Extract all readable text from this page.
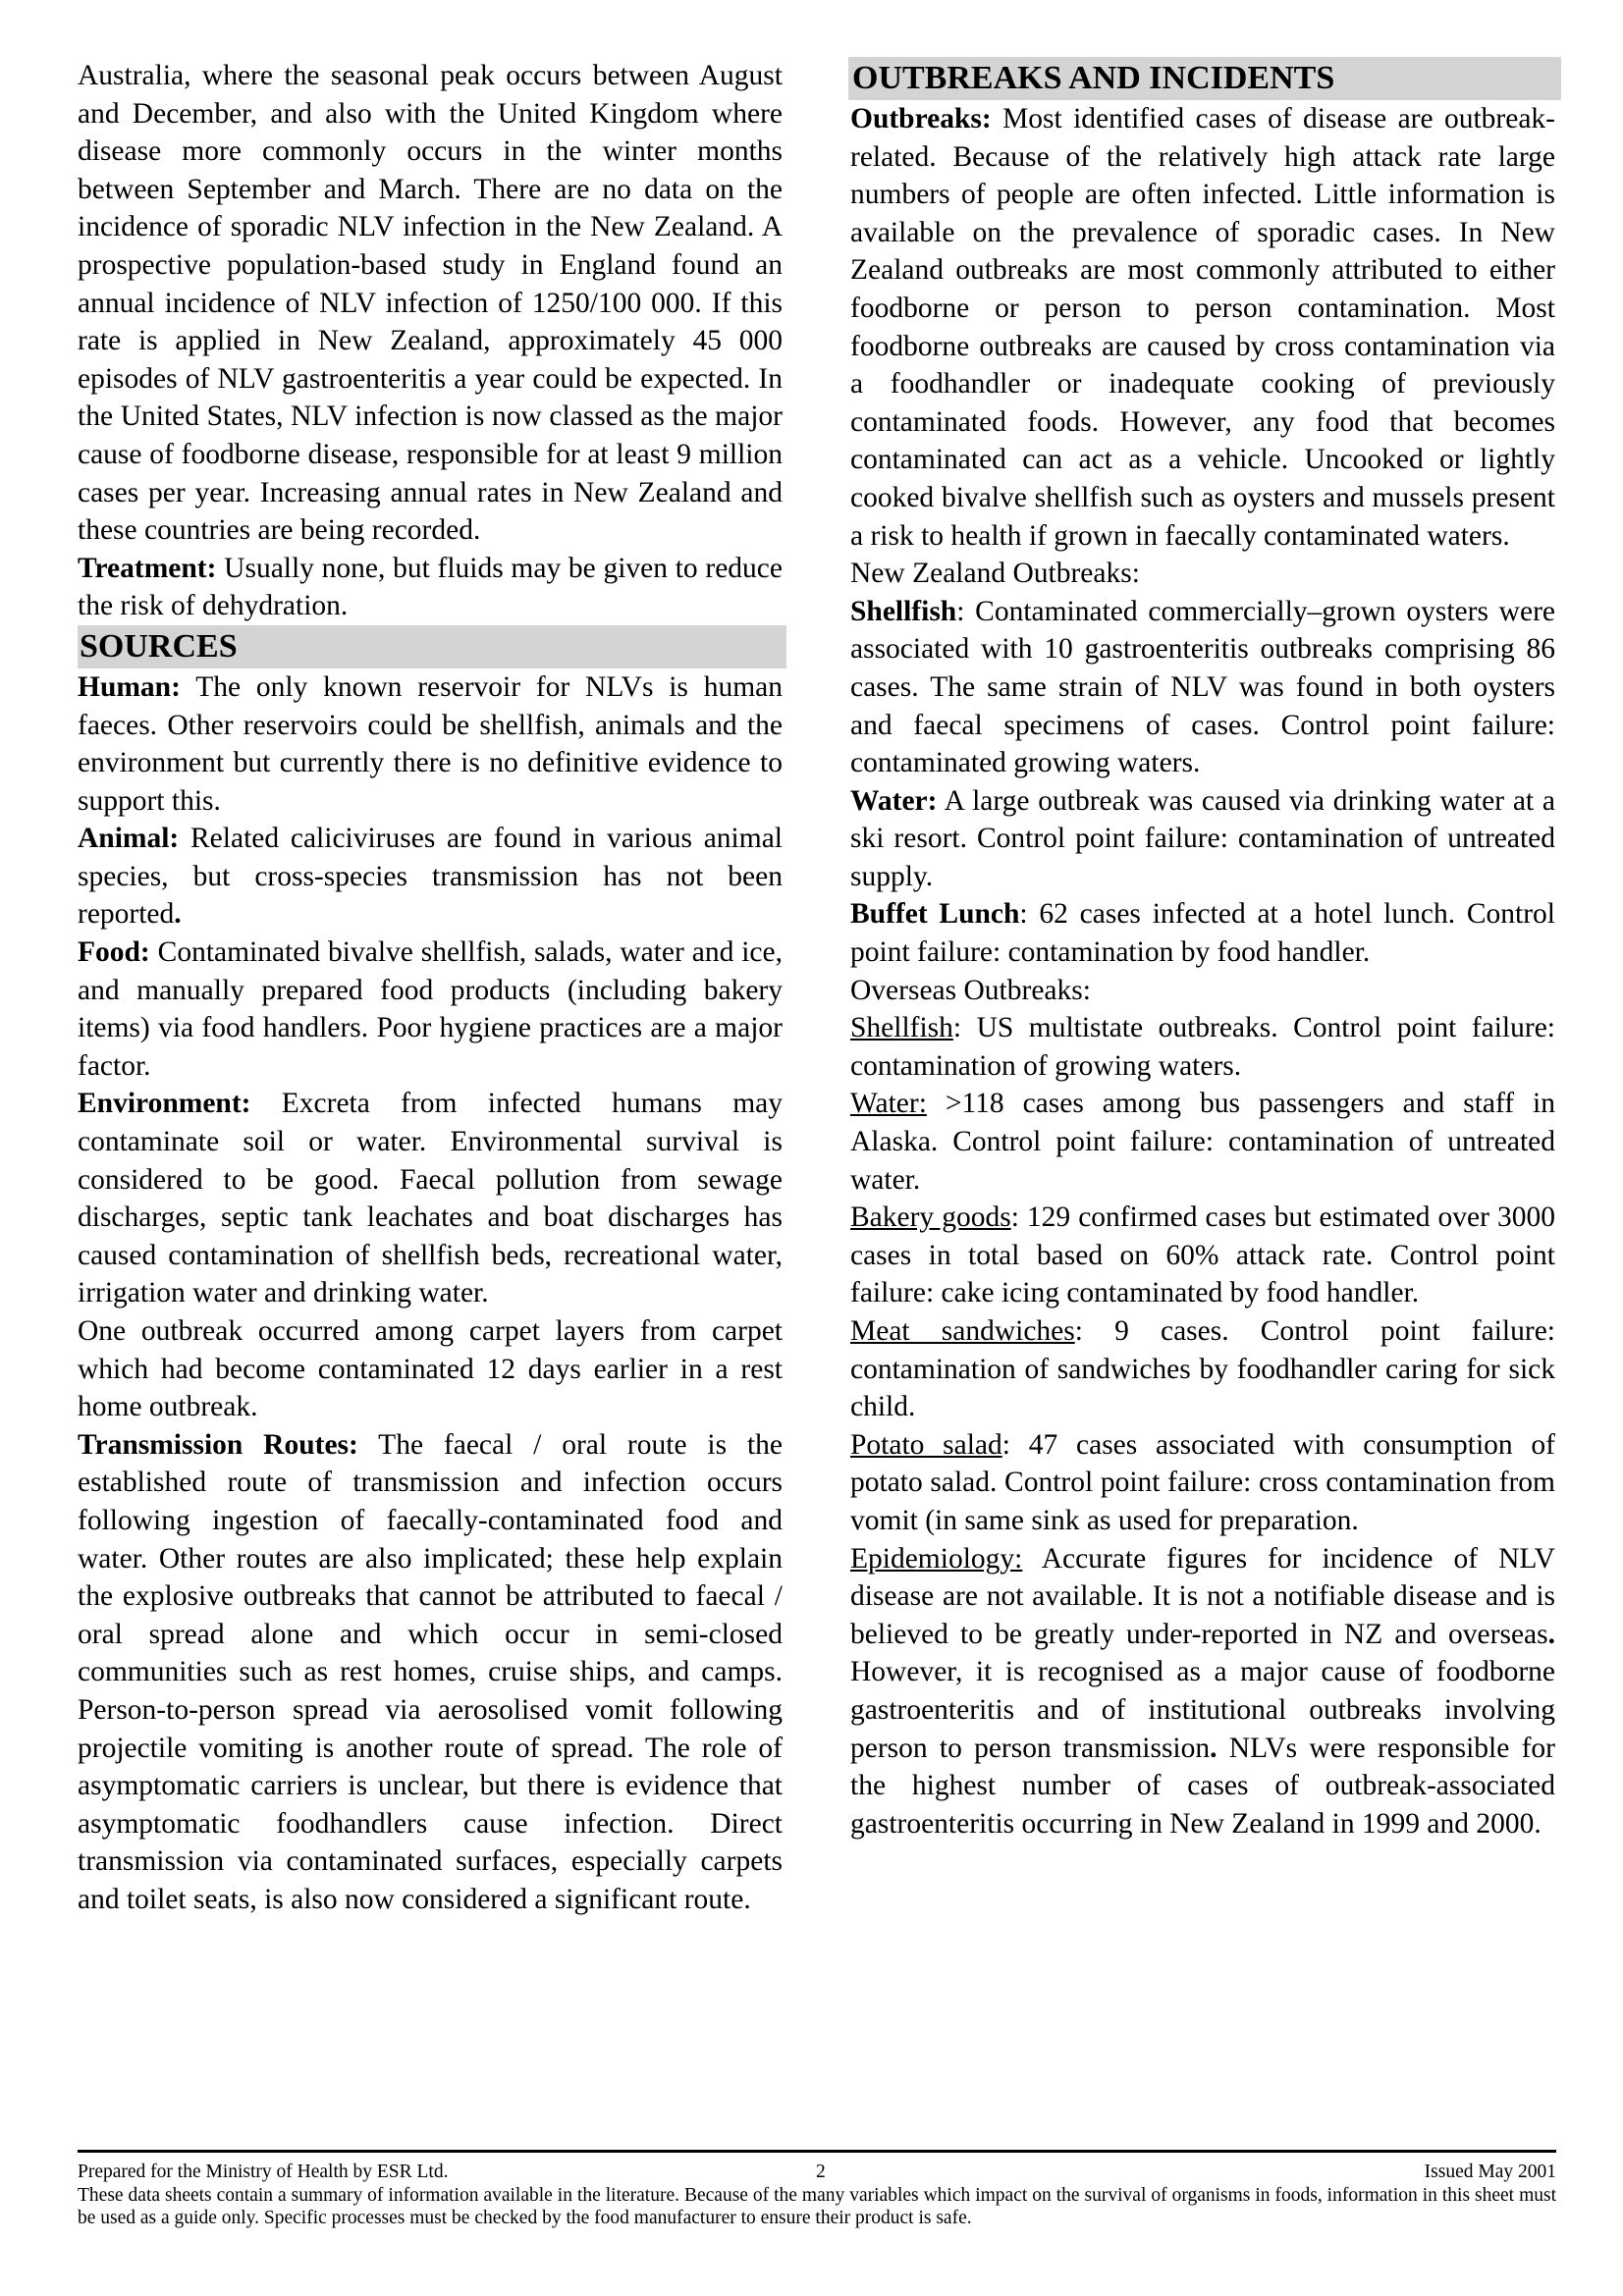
Australia, where the seasonal peak occurs between August and December, and also with the United Kingdom where disease more commonly occurs in the winter months between September and March. There are no data on the incidence of sporadic NLV infection in the New Zealand. A prospective population-based study in England found an annual incidence of NLV infection of 1250/100 000. If this rate is applied in New Zealand, approximately 45 000 episodes of NLV gastroenteritis a year could be expected. In the United States, NLV infection is now classed as the major cause of foodborne disease, responsible for at least 9 million cases per year. Increasing annual rates in New Zealand and these countries are being recorded.

Treatment: Usually none, but fluids may be given to reduce the risk of dehydration.

SOURCES

Human: The only known reservoir for NLVs is human faeces. Other reservoirs could be shellfish, animals and the environment but currently there is no definitive evidence to support this.

Animal: Related caliciviruses are found in various animal species, but cross-species transmission has not been reported.

Food: Contaminated bivalve shellfish, salads, water and ice, and manually prepared food products (including bakery items) via food handlers. Poor hygiene practices are a major factor.

Environment: Excreta from infected humans may contaminate soil or water. Environmental survival is considered to be good. Faecal pollution from sewage discharges, septic tank leachates and boat discharges has caused contamination of shellfish beds, recreational water, irrigation water and drinking water.

One outbreak occurred among carpet layers from carpet which had become contaminated 12 days earlier in a rest home outbreak.

Transmission Routes: The faecal / oral route is the established route of transmission and infection occurs following ingestion of faecally-contaminated food and water. Other routes are also implicated; these help explain the explosive outbreaks that cannot be attributed to faecal / oral spread alone and which occur in semi-closed communities such as rest homes, cruise ships, and camps. Person-to-person spread via aerosolised vomit following projectile vomiting is another route of spread. The role of asymptomatic carriers is unclear, but there is evidence that asymptomatic foodhandlers cause infection. Direct transmission via contaminated surfaces, especially carpets and toilet seats, is also now considered a significant route.

OUTBREAKS AND INCIDENTS

Outbreaks: Most identified cases of disease are outbreak- related. Because of the relatively high attack rate large numbers of people are often infected. Little information is available on the prevalence of sporadic cases. In New Zealand outbreaks are most commonly attributed to either foodborne or person to person contamination. Most foodborne outbreaks are caused by cross contamination via a foodhandler or inadequate cooking of previously contaminated foods. However, any food that becomes contaminated can act as a vehicle. Uncooked or lightly cooked bivalve shellfish such as oysters and mussels present a risk to health if grown in faecally contaminated waters.

New Zealand Outbreaks:

Shellfish: Contaminated commercially–grown oysters were associated with 10 gastroenteritis outbreaks comprising 86 cases. The same strain of NLV was found in both oysters and faecal specimens of cases. Control point failure: contaminated growing waters.

Water: A large outbreak was caused via drinking water at a ski resort. Control point failure: contamination of untreated supply.

Buffet Lunch: 62 cases infected at a hotel lunch. Control point failure: contamination by food handler.

Overseas Outbreaks:

Shellfish: US multistate outbreaks. Control point failure: contamination of growing waters.

Water: >118 cases among bus passengers and staff in Alaska. Control point failure: contamination of untreated water.

Bakery goods: 129 confirmed cases but estimated over 3000 cases in total based on 60% attack rate. Control point failure: cake icing contaminated by food handler.

Meat sandwiches: 9 cases. Control point failure: contamination of sandwiches by foodhandler caring for sick child.

Potato salad: 47 cases associated with consumption of potato salad. Control point failure: cross contamination from vomit (in same sink as used for preparation.

Epidemiology: Accurate figures for incidence of NLV disease are not available. It is not a notifiable disease and is believed to be greatly under-reported in NZ and overseas. However, it is recognised as a major cause of foodborne gastroenteritis and of institutional outbreaks involving person to person transmission. NLVs were responsible for the highest number of cases of outbreak-associated gastroenteritis occurring in New Zealand in 1999 and 2000.

Prepared for the Ministry of Health by ESR Ltd.	2	Issued May 2001

These data sheets contain a summary of information available in the literature. Because of the many variables which impact on the survival of organisms in foods, information in this sheet must be used as a guide only. Specific processes must be checked by the food manufacturer to ensure their product is safe.
